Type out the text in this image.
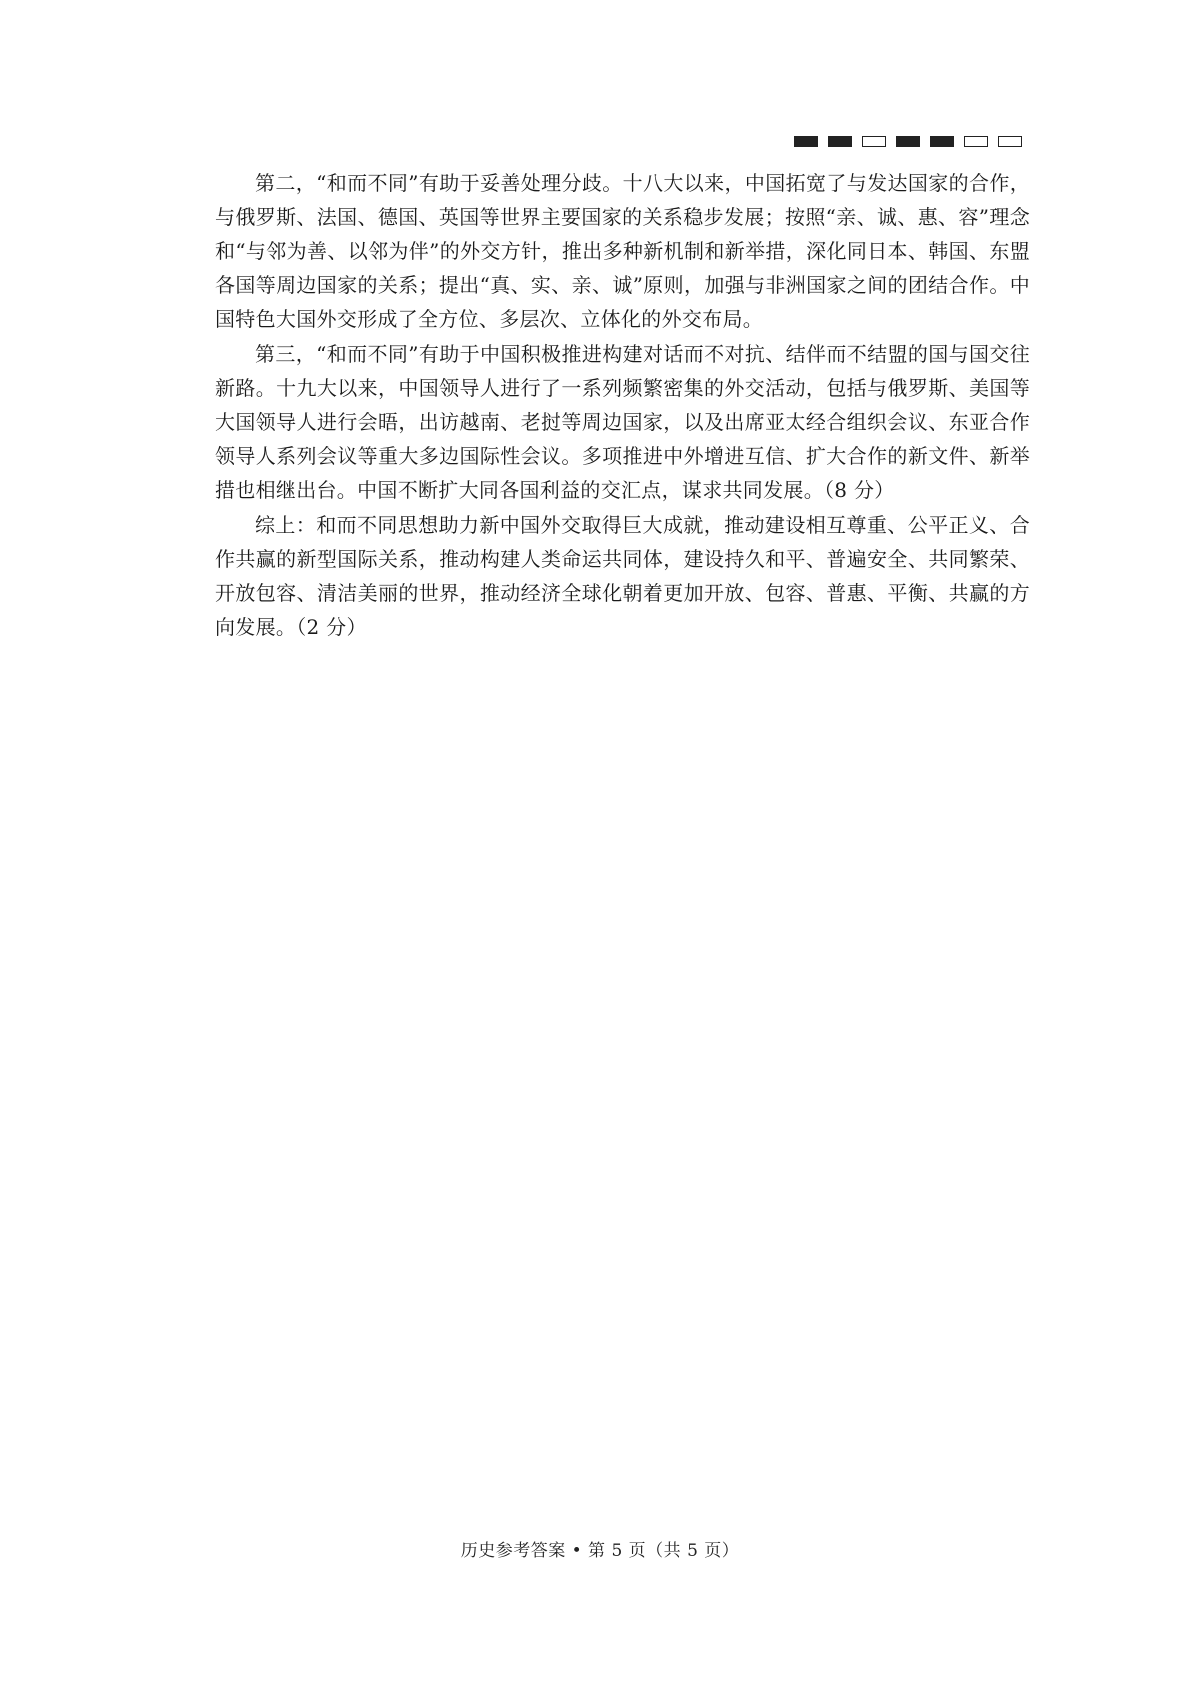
第二，“和而不同”有助于妥善处理分歧。十八大以来，中国拓宽了与发达国家的合作，与俄罗斯、法国、德国、英国等世界主要国家的关系稳步发展；按照“亲、诚、惠、容”理念和“与邻为善、以邻为伴”的外交方针，推出多种新机制和新举措，深化同日本、韩国、东盟各国等周边国家的关系；提出“真、实、亲、诚”原则，加强与非洲国家之间的团结合作。中国特色大国外交形成了全方位、多层次、立体化的外交布局。

第三，“和而不同”有助于中国积极推进构建对话而不对抗、结伴而不结盟的国与国交往新路。十九大以来，中国领导人进行了一系列频繁密集的外交活动，包括与俄罗斯、美国等大国领导人进行会晤，出访越南、老挝等周边国家，以及出席亚太经合组织会议、东亚合作领导人系列会议等重大多边国际性会议。多项推进中外增进互信、扩大合作的新文件、新举措也相继出台。中国不断扩大同各国利益的交汇点，谋求共同发展。（8 分）

综上：和而不同思想助力新中国外交取得巨大成就，推动建设相互尊重、公平正义、合作共赢的新型国际关系，推动构建人类命运共同体，建设持久和平、普遍安全、共同繁荣、开放包容、清洁美丽的世界，推动经济全球化朝着更加开放、包容、普惠、平衡、共赢的方向发展。（2 分）

历史参考答案 • 第 5 页（共 5 页）
